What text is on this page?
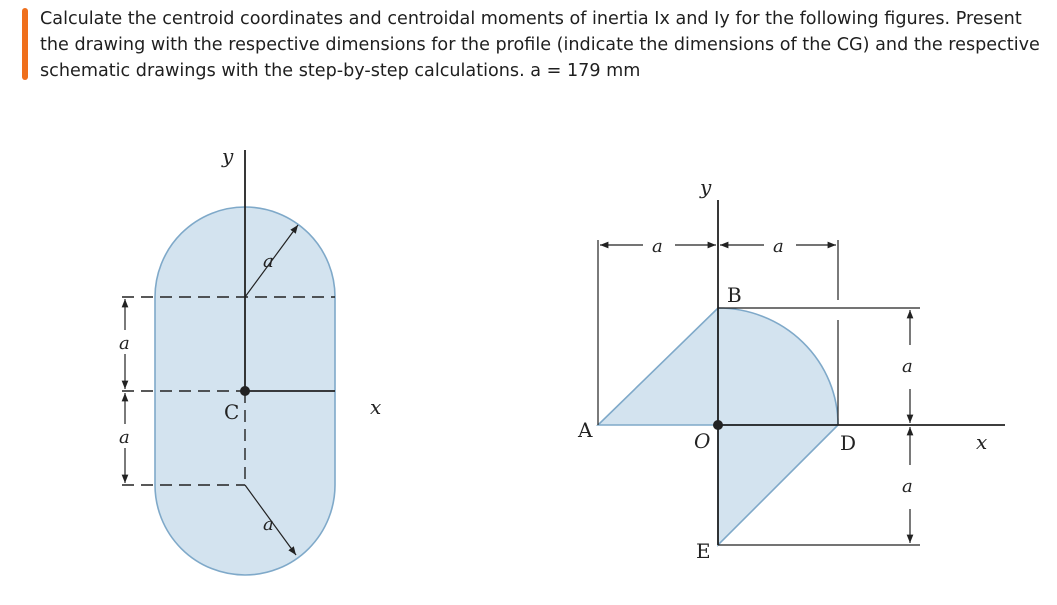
Calculate the centroid coordinates and centroidal moments of inertia Ix and Iy for the following figures. Present the drawing with the respective dimensions for the profile (indicate the dimensions of the CG) and the respective schematic drawings with the step-by-step calculations. a = 179 mm

y
x
a
a
a
a
C
y
x
a	a
a
a
A
B
O	D
E
